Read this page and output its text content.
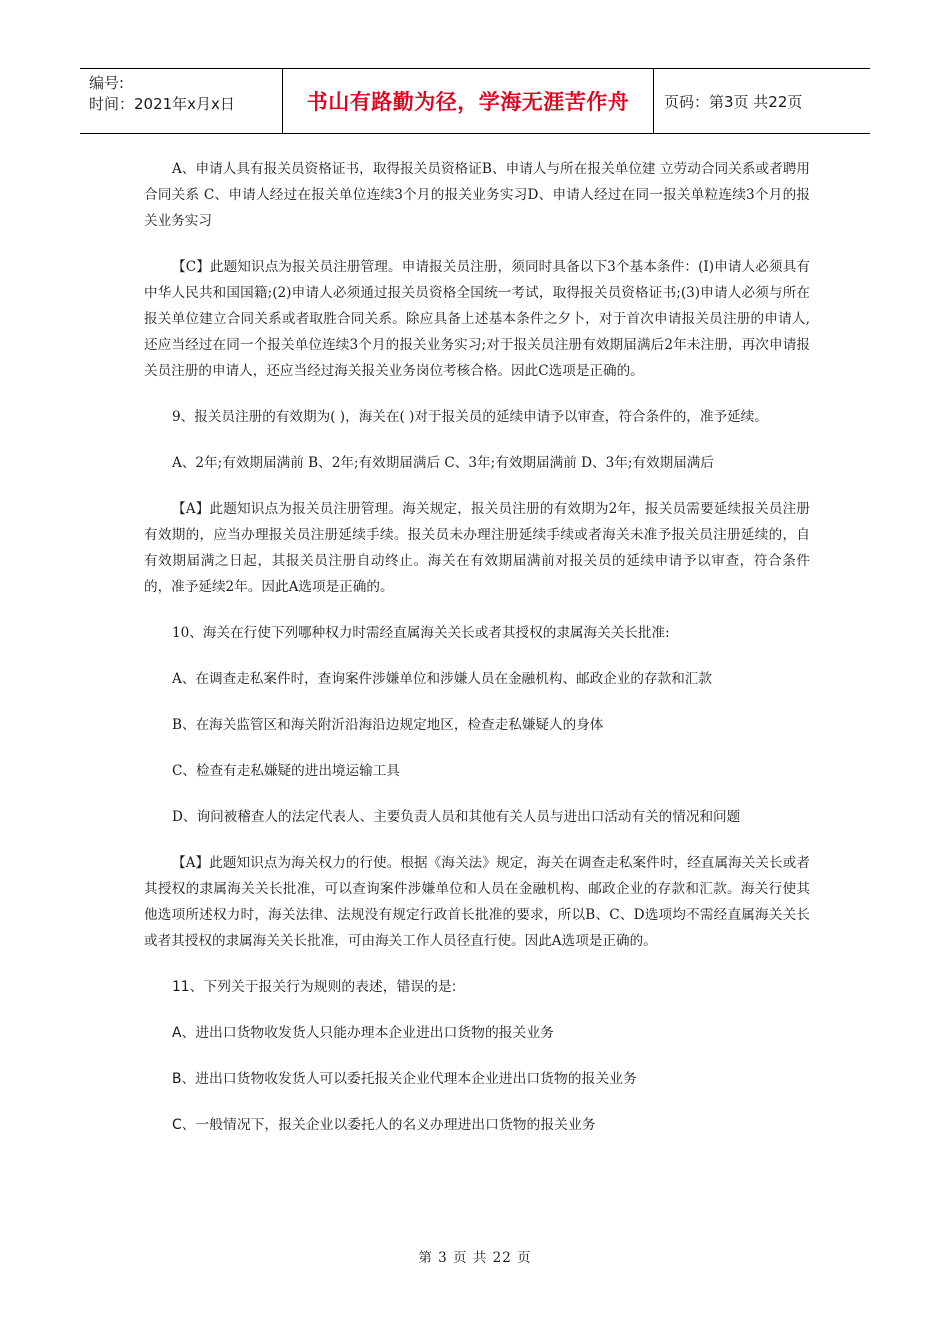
编号:
时间：2021年x月x日	书山有路勤为径，学海无涯苦作舟	页码：第3页 共22页

A、申请人具有报关员资格证书，取得报关员资格证B、申请人与所在报关单位建 立劳动合同关系或者聘用合同关系 C、申请人经过在报关单位连续3个月的报关业务实习D、申请人经过在同一报关单粒连续3个月的报关业务实习

【C】此题知识点为报关员注册管理。申请报关员注册，须同时具备以下3个基本条件：(I)申请人必须具有中华人民共和国国籍;(2)申请人必须通过报关员资格全国统一考试，取得报关员资格证书;(3)申请人必须与所在报关单位建立合同关系或者取胜合同关系。除应具备上述基本条件之夕卜，对于首次申请报关员注册的申请人,还应当经过在同一个报关单位连续3个月的报关业务实习;对于报关员注册有效期届满后2年未注册，再次申请报关员注册的申请人，还应当经过海关报关业务岗位考核合格。因此C选项是正确的。

9、报关员注册的有效期为( )，海关在( )对于报关员的延续申请予以审查，符合条件的，准予延续。

A、2年;有效期届满前 B、2年;有效期届满后 C、3年;有效期届满前 D、3年;有效期届满后

【A】此题知识点为报关员注册管理。海关规定，报关员注册的有效期为2年，报关员需要延续报关员注册有效期的，应当办理报关员注册延续手续。报关员未办理注册延续手续或者海关未准予报关员注册延续的，自有效期届满之日起，其报关员注册自动终止。海关在有效期届满前对报关员的延续申请予以审查，符合条件的，准予延续2年。因此A选项是正确的。

10、海关在行使下列哪种权力时需经直属海关关长或者其授权的隶属海关关长批准:

A、在调查走私案件时，查询案件涉嫌单位和涉嫌人员在金融机构、邮政企业的存款和汇款

B、在海关监管区和海关附沂沿海沿边规定地区，检查走私嫌疑人的身体

C、检查有走私嫌疑的进出境运输工具

D、询问被稽查人的法定代表人、主要负责人员和其他有关人员与进出口活动有关的情况和问题

【A】此题知识点为海关权力的行使。根据《海关法》规定，海关在调查走私案件时，经直属海关关长或者其授权的隶属海关关长批准，可以查询案件涉嫌单位和人员在金融机构、邮政企业的存款和汇款。海关行使其他选项所述权力时，海关法律、法规没有规定行政首长批准的要求，所以B、C、D选项均不需经直属海关关长或者其授权的隶属海关关长批准，可由海关工作人员径直行使。因此A选项是正确的。

11、下列关于报关行为规则的表述，错误的是:

A、进出口货物收发货人只能办理本企业进出口货物的报关业务

B、进出口货物收发货人可以委托报关企业代理本企业进出口货物的报关业务

C、一般情况下，报关企业以委托人的名义办理进出口货物的报关业务

第 3 页 共 22 页
